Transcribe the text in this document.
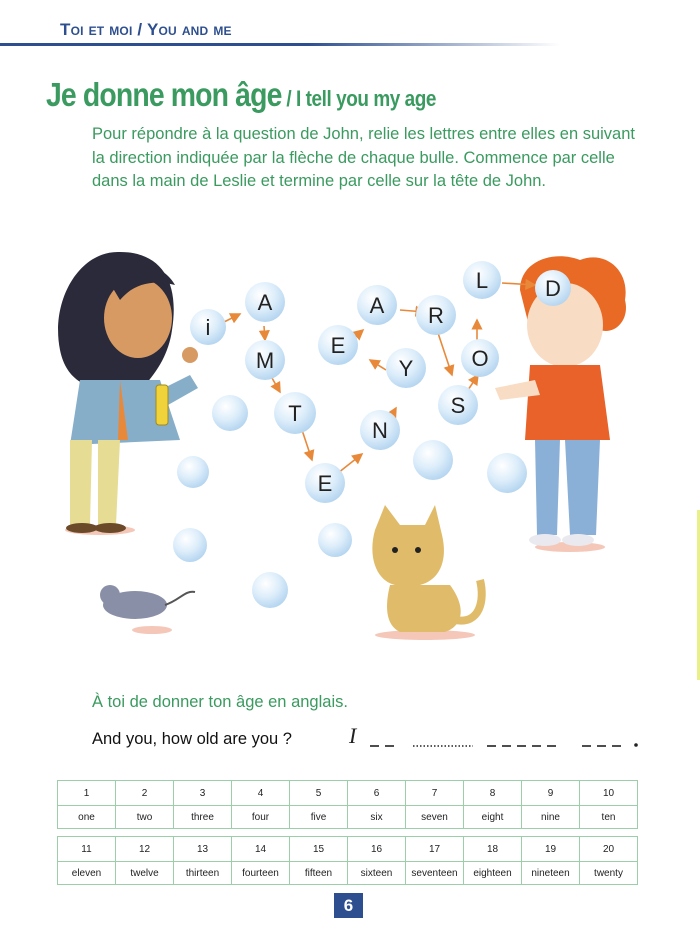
Toi et moi / You and me
Je donne mon âge / I tell you my age

Pour répondre à la question de John, relie les lettres entre elles en suivant la direction indiquée par la flèche de chaque bulle. Commence par celle dans la main de Leslie et termine par celle sur la tête de John.

i
A
M
T
E
N
E
A R
Y
S
O
L	D
À toi de donner ton âge en anglais.
And you, how old are you ?	I
1	2	3	4	5	6	7	8	9	10
one	two	three	four	five	six	seven	eight	nine	ten
11	12	13	14	15	16	17	18	19	20
eleven	twelve	thirteen	fourteen	fifteen	sixteen	seventeen	eighteen	nineteen	twenty
6
